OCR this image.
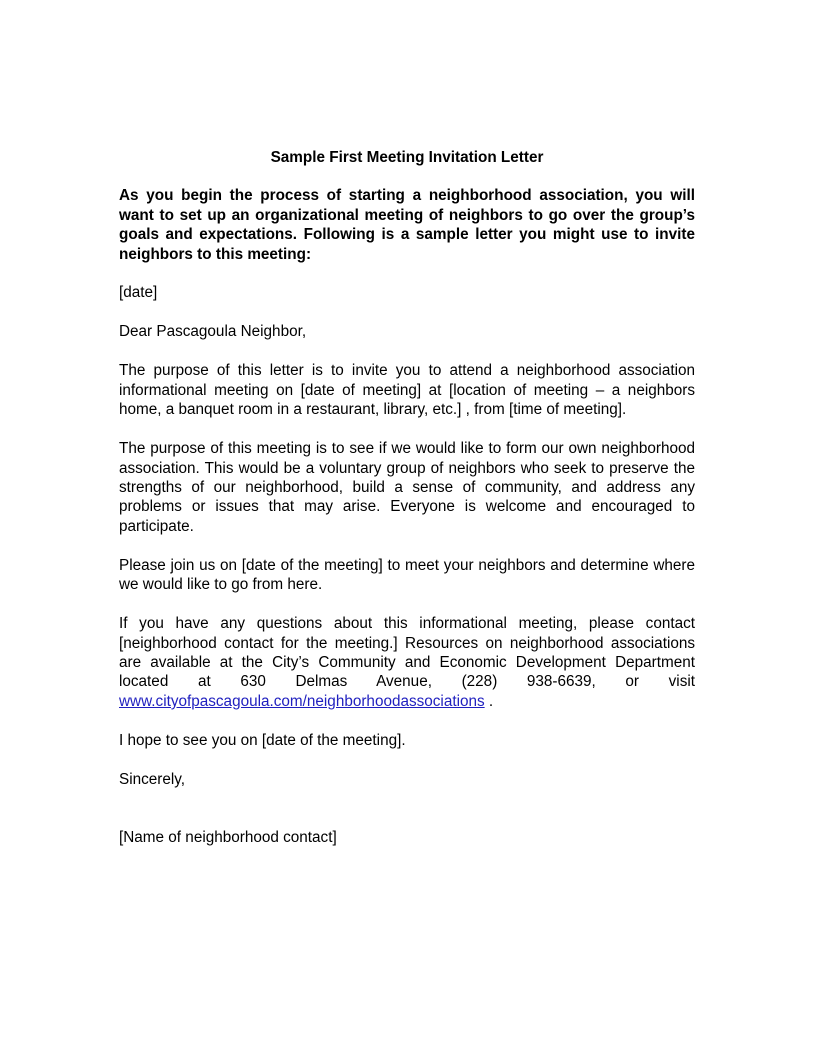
Sample First Meeting Invitation Letter
As you begin the process of starting a neighborhood association, you will want to set up an organizational meeting of neighbors to go over the group’s goals and expectations. Following is a sample letter you might use to invite neighbors to this meeting:

[date]

Dear Pascagoula Neighbor,

The purpose of this letter is to invite you to attend a neighborhood association informational meeting on [date of meeting] at [location of meeting – a neighbors home, a banquet room in a restaurant, library, etc.] , from [time of meeting].

The purpose of this meeting is to see if we would like to form our own neighborhood association. This would be a voluntary group of neighbors who seek to preserve the strengths of our neighborhood, build a sense of community, and address any problems or issues that may arise. Everyone is welcome and encouraged to participate.

Please join us on [date of the meeting] to meet your neighbors and determine where we would like to go from here.

If you have any questions about this informational meeting, please contact [neighborhood contact for the meeting.] Resources on neighborhood associations are available at the City’s Community and Economic Development Department located at 630 Delmas Avenue, (228) 938-6639, or visit www.cityofpascagoula.com/neighborhoodassociations .

I hope to see you on [date of the meeting].

Sincerely,

[Name of neighborhood contact]
